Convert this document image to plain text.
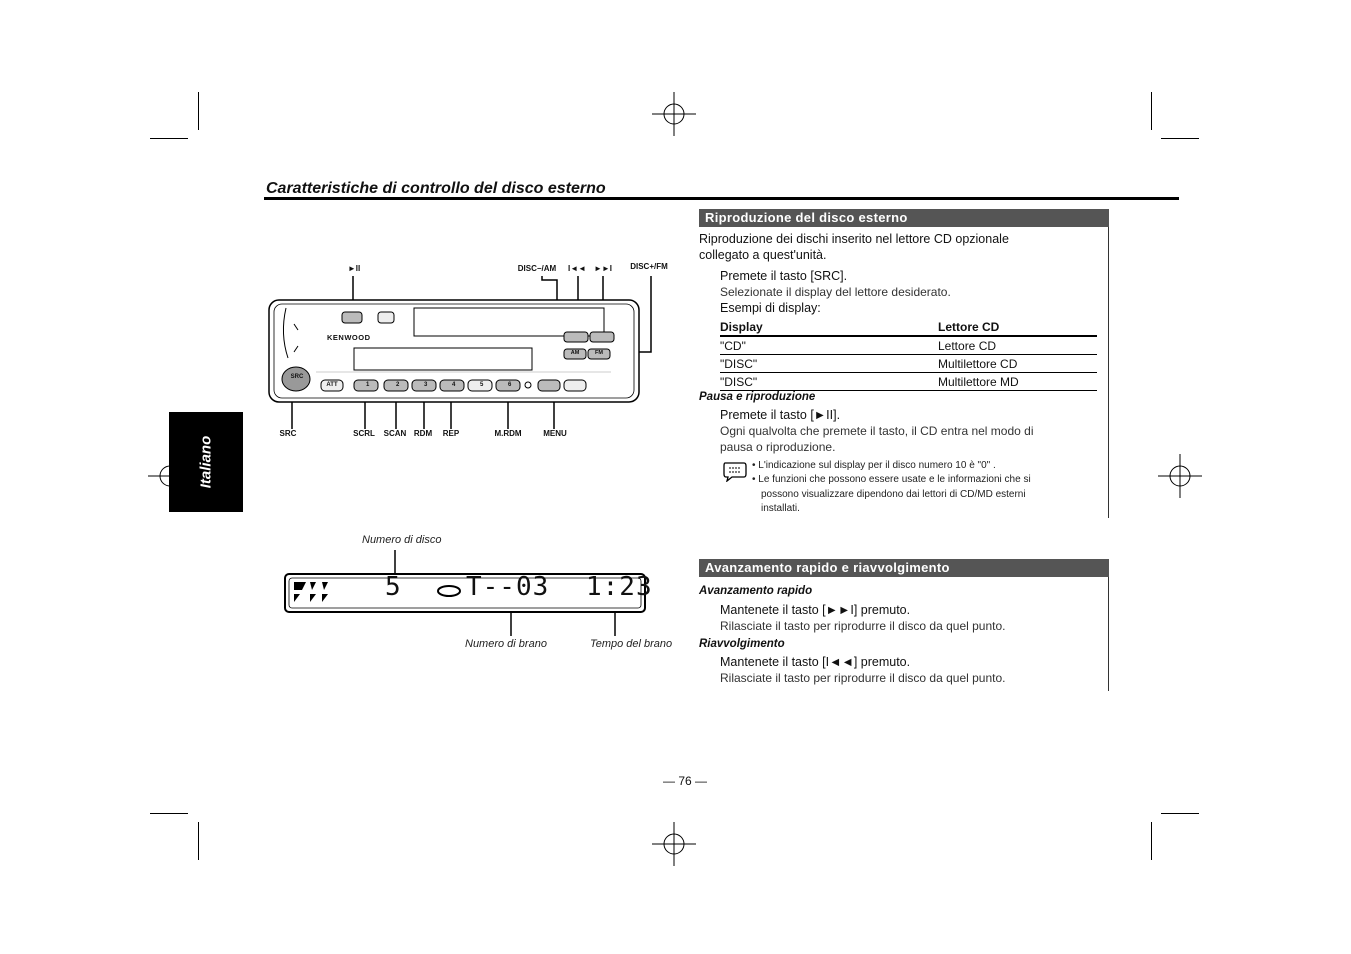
Caratteristiche di controllo del disco esterno
Italiano
►II	DISC−/AM	I◄◄ ►►I	DISC+/FM
KENWOOD
SRC
ATT
AM	FM
1	2	3	4	5	6
SRC	SCRL SCAN RDM	REP	M.RDM	MENU
Numero di disco
5	T--03 1:23
Numero di brano	Tempo del brano
Riproduzione del disco esterno
Riproduzione dei dischi inserito nel lettore CD opzionale
collegato a quest'unità.
Premete il tasto [SRC].
Selezionate il display del lettore desiderato.
Esempi di display:
Display	Lettore CD
"CD"	Lettore CD
"DISC"	Multilettore CD
"DISC"	Multilettore MD
Pausa e riproduzione
Premete il tasto [►II].
Ogni qualvolta che premete il tasto, il CD entra nel modo di
pausa o riproduzione.
• L'indicazione sul display per il disco numero 10 è "0" .
• Le funzioni che possono essere usate e le informazioni che si
possono visualizzare dipendono dai lettori di CD/MD esterni
installati.
Avanzamento rapido e riavvolgimento
Avanzamento rapido
Mantenete il tasto [►►I] premuto.
Rilasciate il tasto per riprodurre il disco da quel punto.
Riavvolgimento
Mantenete il tasto [I◄◄] premuto.
Rilasciate il tasto per riprodurre il disco da quel punto.
— 76 —
